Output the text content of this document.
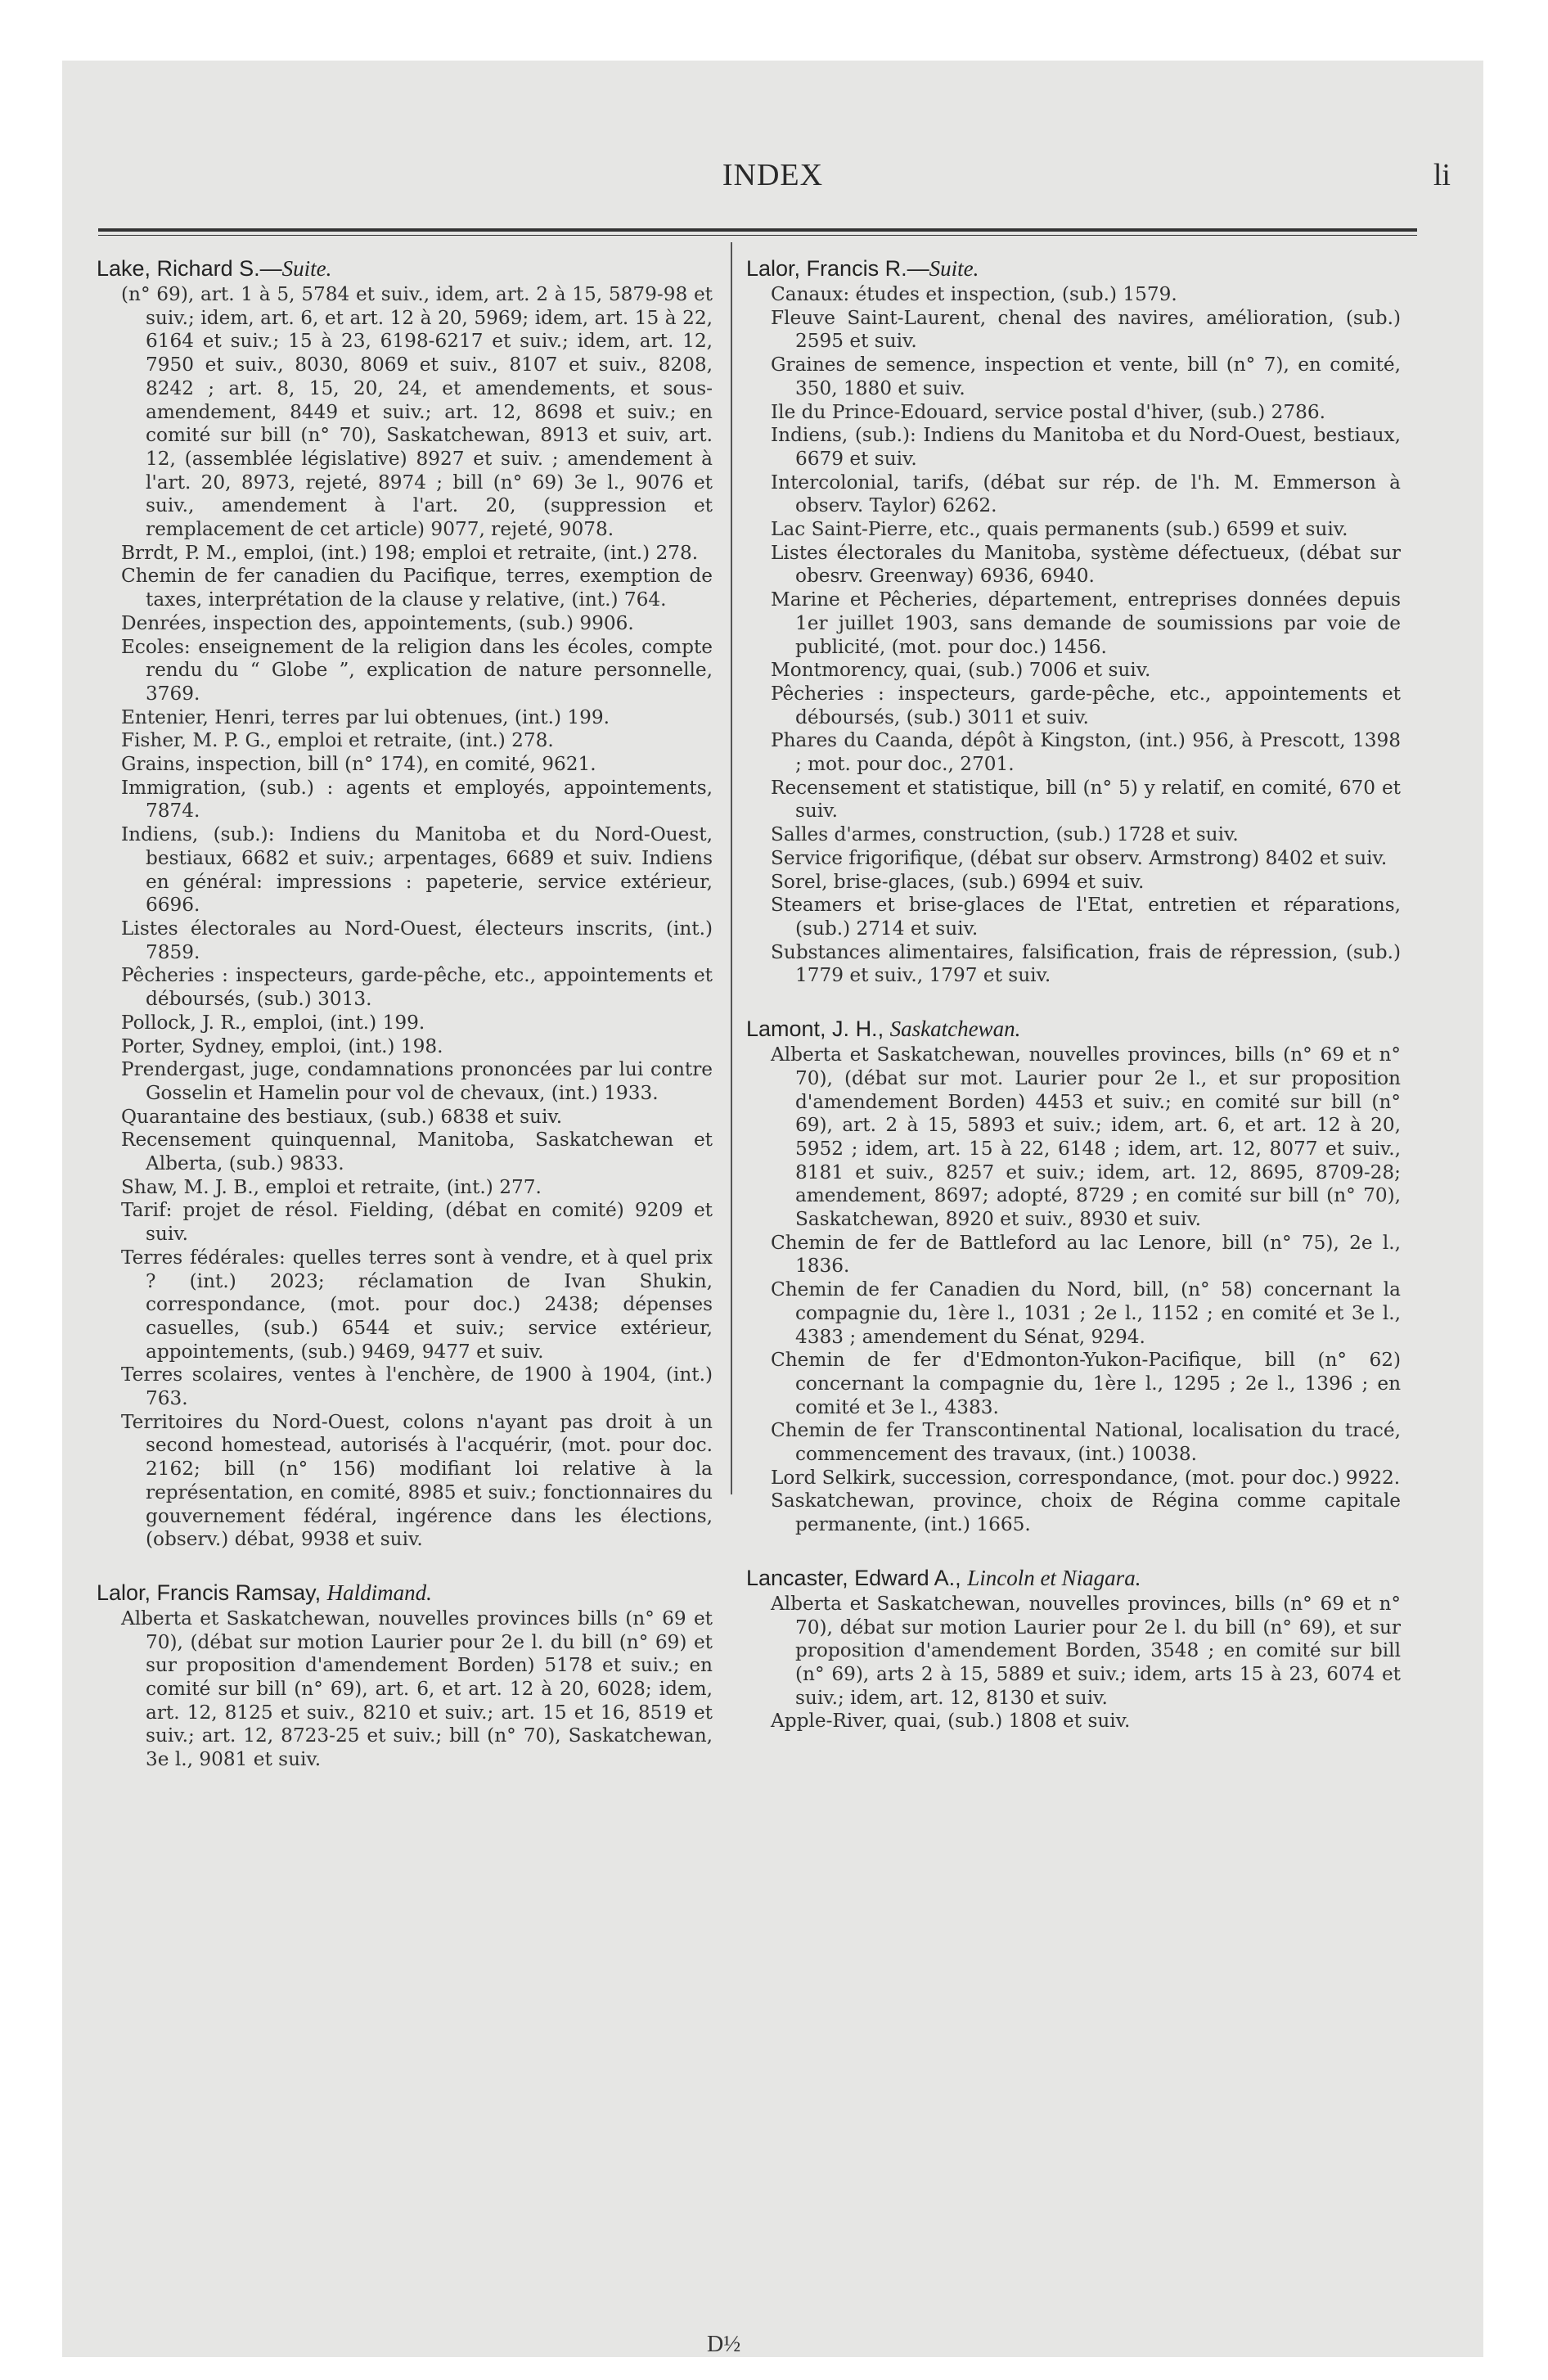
INDEX	li
Lake, Richard S.—Suite.
(n° 69), art. 1 à 5, 5784 et suiv., idem, art. 2 à 15, 5879-98 et suiv.; idem, art. 6, et art. 12 à 20, 5969; idem, art. 15 à 22, 6164 et suiv.; 15 à 23, 6198-6217 et suiv.; idem, art. 12, 7950 et suiv., 8030, 8069 et suiv., 8107 et suiv., 8208, 8242 ; art. 8, 15, 20, 24, et amendements, et sous-amendement, 8449 et suiv.; art. 12, 8698 et suiv.; en comité sur bill (n° 70), Saskatchewan, 8913 et suiv, art. 12, (assemblée législative) 8927 et suiv. ; amendement à l'art. 20, 8973, rejeté, 8974 ; bill (n° 69) 3e l., 9076 et suiv., amendement à l'art. 20, (suppression et remplacement de cet article) 9077, rejeté, 9078.
Brrdt, P. M., emploi, (int.) 198; emploi et retraite, (int.) 278.
Chemin de fer canadien du Pacifique, terres, exemption de taxes, interprétation de la clause y relative, (int.) 764.
Denrées, inspection des, appointements, (sub.) 9906.
Ecoles: enseignement de la religion dans les écoles, compte rendu du “ Globe ”, explication de nature personnelle, 3769.
Entenier, Henri, terres par lui obtenues, (int.) 199.
Fisher, M. P. G., emploi et retraite, (int.) 278.
Grains, inspection, bill (n° 174), en comité, 9621.
Immigration, (sub.) : agents et employés, appointements, 7874.
Indiens, (sub.): Indiens du Manitoba et du Nord-Ouest, bestiaux, 6682 et suiv.; arpentages, 6689 et suiv. Indiens en général: impressions : papeterie, service extérieur, 6696.
Listes électorales au Nord-Ouest, électeurs inscrits, (int.) 7859.
Pêcheries : inspecteurs, garde-pêche, etc., appointements et déboursés, (sub.) 3013.
Pollock, J. R., emploi, (int.) 199.
Porter, Sydney, emploi, (int.) 198.
Prendergast, juge, condamnations prononcées par lui contre Gosselin et Hamelin pour vol de chevaux, (int.) 1933.
Quarantaine des bestiaux, (sub.) 6838 et suiv.
Recensement quinquennal, Manitoba, Saskatchewan et Alberta, (sub.) 9833.
Shaw, M. J. B., emploi et retraite, (int.) 277.
Tarif: projet de résol. Fielding, (débat en comité) 9209 et suiv.
Terres fédérales: quelles terres sont à vendre, et à quel prix ? (int.) 2023; réclamation de Ivan Shukin, correspondance, (mot. pour doc.) 2438; dépenses casuelles, (sub.) 6544 et suiv.; service extérieur, appointements, (sub.) 9469, 9477 et suiv.
Terres scolaires, ventes à l'enchère, de 1900 à 1904, (int.) 763.
Territoires du Nord-Ouest, colons n'ayant pas droit à un second homestead, autorisés à l'acquérir, (mot. pour doc. 2162; bill (n° 156) modifiant loi relative à la représentation, en comité, 8985 et suiv.; fonctionnaires du gouvernement fédéral, ingérence dans les élections, (observ.) débat, 9938 et suiv.
Lalor, Francis Ramsay, Haldimand.
Alberta et Saskatchewan, nouvelles provinces bills (n° 69 et 70), (débat sur motion Laurier pour 2e l. du bill (n° 69) et sur proposition d'amendement Borden) 5178 et suiv.; en comité sur bill (n° 69), art. 6, et art. 12 à 20, 6028; idem, art. 12, 8125 et suiv., 8210 et suiv.; art. 15 et 16, 8519 et suiv.; art. 12, 8723-25 et suiv.; bill (n° 70), Saskatchewan, 3e l., 9081 et suiv.
Lalor, Francis R.—Suite.
Canaux: études et inspection, (sub.) 1579.
Fleuve Saint-Laurent, chenal des navires, amélioration, (sub.) 2595 et suiv.
Graines de semence, inspection et vente, bill (n° 7), en comité, 350, 1880 et suiv.
Ile du Prince-Edouard, service postal d'hiver, (sub.) 2786.
Indiens, (sub.): Indiens du Manitoba et du Nord-Ouest, bestiaux, 6679 et suiv.
Intercolonial, tarifs, (débat sur rép. de l'h. M. Emmerson à observ. Taylor) 6262.
Lac Saint-Pierre, etc., quais permanents (sub.) 6599 et suiv.
Listes électorales du Manitoba, système défectueux, (débat sur obesrv. Greenway) 6936, 6940.
Marine et Pêcheries, département, entreprises données depuis 1er juillet 1903, sans demande de soumissions par voie de publicité, (mot. pour doc.) 1456.
Montmorency, quai, (sub.) 7006 et suiv.
Pêcheries : inspecteurs, garde-pêche, etc., appointements et déboursés, (sub.) 3011 et suiv.
Phares du Caanda, dépôt à Kingston, (int.) 956, à Prescott, 1398 ; mot. pour doc., 2701.
Recensement et statistique, bill (n° 5) y relatif, en comité, 670 et suiv.
Salles d'armes, construction, (sub.) 1728 et suiv.
Service frigorifique, (débat sur observ. Armstrong) 8402 et suiv.
Sorel, brise-glaces, (sub.) 6994 et suiv.
Steamers et brise-glaces de l'Etat, entretien et réparations, (sub.) 2714 et suiv.
Substances alimentaires, falsification, frais de répression, (sub.) 1779 et suiv., 1797 et suiv.
Lamont, J. H., Saskatchewan.
Alberta et Saskatchewan, nouvelles provinces, bills (n° 69 et n° 70), (débat sur mot. Laurier pour 2e l., et sur proposition d'amendement Borden) 4453 et suiv.; en comité sur bill (n° 69), art. 2 à 15, 5893 et suiv.; idem, art. 6, et art. 12 à 20, 5952 ; idem, art. 15 à 22, 6148 ; idem, art. 12, 8077 et suiv., 8181 et suiv., 8257 et suiv.; idem, art. 12, 8695, 8709-28; amendement, 8697; adopté, 8729 ; en comité sur bill (n° 70), Saskatchewan, 8920 et suiv., 8930 et suiv.
Chemin de fer de Battleford au lac Lenore, bill (n° 75), 2e l., 1836.
Chemin de fer Canadien du Nord, bill, (n° 58) concernant la compagnie du, 1ère l., 1031 ; 2e l., 1152 ; en comité et 3e l., 4383 ; amendement du Sénat, 9294.
Chemin de fer d'Edmonton-Yukon-Pacifique, bill (n° 62) concernant la compagnie du, 1ère l., 1295 ; 2e l., 1396 ; en comité et 3e l., 4383.
Chemin de fer Transcontinental National, localisation du tracé, commencement des travaux, (int.) 10038.
Lord Selkirk, succession, correspondance, (mot. pour doc.) 9922.
Saskatchewan, province, choix de Régina comme capitale permanente, (int.) 1665.
Lancaster, Edward A., Lincoln et Niagara.
Alberta et Saskatchewan, nouvelles provinces, bills (n° 69 et n° 70), débat sur motion Laurier pour 2e l. du bill (n° 69), et sur proposition d'amendement Borden, 3548 ; en comité sur bill (n° 69), arts 2 à 15, 5889 et suiv.; idem, arts 15 à 23, 6074 et suiv.; idem, art. 12, 8130 et suiv.
Apple-River, quai, (sub.) 1808 et suiv.
D½
